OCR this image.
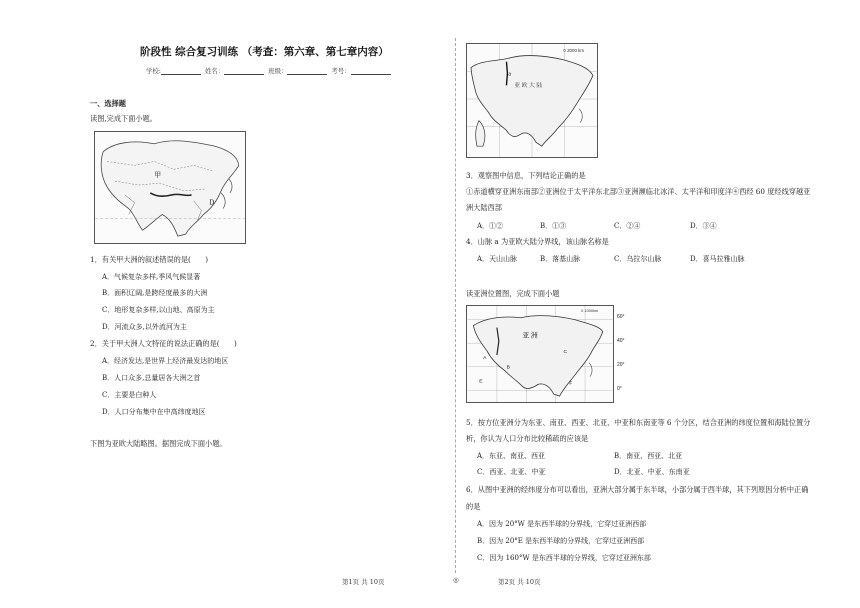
阶段性 综合复习训练 （考查：第六章、第七章内容）
学校:	姓名：	班级：	考号：
一、选择题
读图,完成下面小题。
甲
D
1．有关甲大洲的叙述错误的是(　　)
A．气候复杂多样,季风气候显著
B．面积辽阔,是跨经度最多的大洲
C．地形复杂多样,以山地、高原为主
D．河流众多,以外流河为主
2．关于甲大洲人文特征的说法正确的是(　　)
A．经济发达,是世界上经济最发达的地区
B．人口众多,总量居各大洲之首
C．主要是白种人
D．人口分布集中在中高纬度地区
下图为亚欧大陆略图。据图完成下面小题。
a
亚 欧 大 陆
0 2000 km
3．观察图中信息，下列结论正确的是
①赤道横穿亚洲东南部②亚洲位于太平洋东北部③亚洲濒临北冰洋、太平洋和印度洋④西经 60 度经线穿越亚
洲大陆西部
A．①②	B．①③	C．②④	D．③④
4．山脉 a 为亚欧大陆分界线，该山脉名称是
A．天山山脉	B．落基山脉	C．乌拉尔山脉	D．喜马拉雅山脉
读亚洲位置图，完成下面小题
亚 洲
A
B
C
E	F
0 1000km
60°
40°
20°
0°
5．按方位亚洲分为东亚、南亚、西亚、北亚、中亚和东南亚等 6 个分区，结合亚洲的纬度位置和海陆位置分
析，你认为人口分布比较稀疏的应该是
A．东亚、南亚、西亚	B．南亚、西亚、北亚
C．西亚、北亚、中亚	D．北亚、中亚、东南亚
6．从图中亚洲的经纬度分布可以看出，亚洲大部分属于东半球，小部分属于西半球，其下列原因分析中正确
的是
A．因为 20°W 是东西半球的分界线，它穿过亚洲西部
B．因为 20°E 是东西半球的分界线，它穿过亚洲西部
C．因为 160°W 是东西半球的分界线，它穿过亚洲东部
第1页 共 10页	◎	第2页 共 10页
